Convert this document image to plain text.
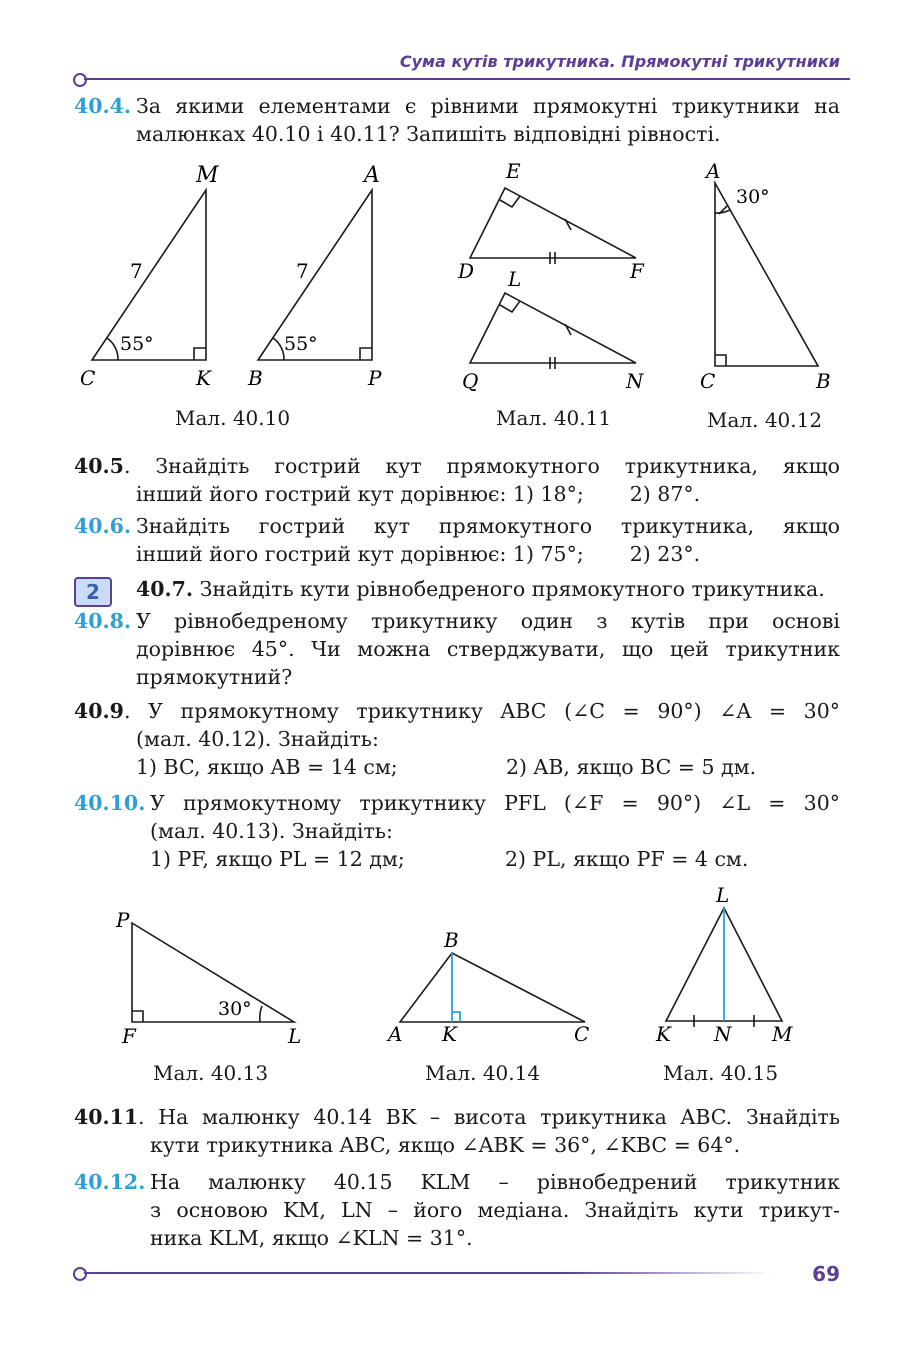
Сума кутів трикутника. Прямокутні трикутники
40.4. За якими елементами є рівними прямокутні трикутники на
малюнках 40.10 і 40.11? Запишіть відповідні рівності.
M
C	K
7
55°
A
B	P
7
55°
Мал. 40.10
E
D	F
L
Q	N
Мал. 40.11
A
C	B
30°
Мал. 40.12
40.5 . Знайдіть гострий кут прямокутного трикутника, якщо
інший його гострий кут дорівнює: 1) 18°; 2) 87°.
40.6. Знайдіть гострий кут прямокутного трикутника, якщо
інший його гострий кут дорівнює: 1) 75°; 2) 23°.
2	40.7. Знайдіть кути рівнобедреного прямокутного трикутника.
40.8. У рівнобедреному трикутнику один з кутів при основі
дорівнює 45°. Чи можна стверджувати, що цей трикутник
прямокутний?
40.9 . У прямокутному трикутнику ABC (∠C = 90°) ∠A = 30°
(мал. 40.12). Знайдіть:
1) BC, якщо AB = 14 см;	2) AB, якщо BC = 5 дм.
40.10. У прямокутному трикутнику PFL (∠F = 90°) ∠L = 30°
(мал. 40.13). Знайдіть:
1) PF, якщо PL = 12 дм;	2) PL, якщо PF = 4 см.
P
F	L
30°
Мал. 40.13
B
A K	C
Мал. 40.14
L
K N M
Мал. 40.15
40.11 . На малюнку 40.14 BK – висота трикутника ABC. Знайдіть
кути трикутника ABC, якщо ∠ABK = 36°, ∠KBC = 64°.
40.12. На малюнку 40.15 KLM – рівнобедрений трикутник
з основою KM, LN – його медіана. Знайдіть кути трикут-
ника KLM, якщо ∠KLN = 31°.
69
